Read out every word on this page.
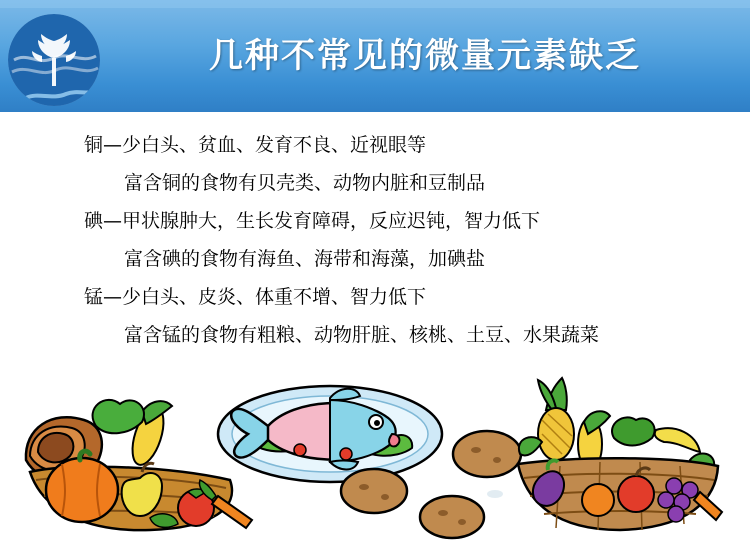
几种不常见的微量元素缺乏
铜—少白头、贫血、发育不良、近视眼等
富含铜的食物有贝壳类、动物内脏和豆制品
碘—甲状腺肿大，生长发育障碍，反应迟钝，智力低下
富含碘的食物有海鱼、海带和海藻，加碘盐
锰—少白头、皮炎、体重不增、智力低下
富含锰的食物有粗粮、动物肝脏、核桃、土豆、水果蔬菜
